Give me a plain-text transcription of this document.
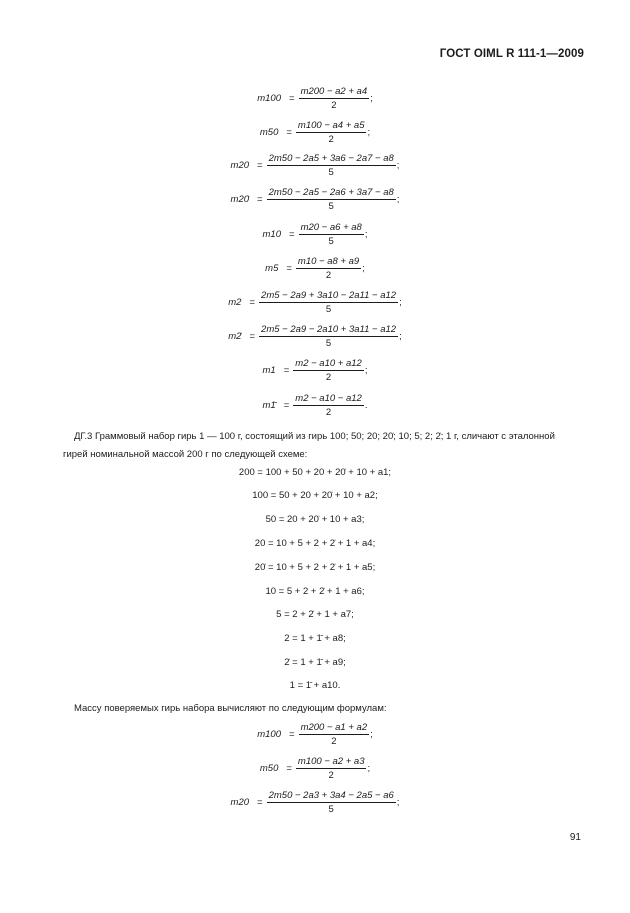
ГОСТ OIML R 111-1—2009
$m100 = \frac{m200 - a2 + a4}{2}$ ;
$m50 = \frac{m100 - a4 + a5}{2}$ ;
$m20 = \frac{2m50 - 2a5 + 3a6 - 2a7 - a8}{5}$ ;
m20̇ = $\frac{2m50 - 2a5 - 2a6 + 3a7 - a8}{5}$ ;
$m10 = \frac{m20 - a6 + a8}{5}$ ;
$m5 = \frac{m10 - a8 + a9}{2}$ ;
$m2 = \frac{2m5 - 2a9 + 3a10 - 2a11 - a12}{5}$ ;
m2̇ = $\frac{2m5 - 2a9 - 2a10 + 3a11 - a12}{5}$ ;
$m1 = \frac{m2 - a10 + a12}{2}$ ;
m1̄ = $\frac{m2 - a10 - a12}{2}$ .
ДГ.3 Граммовый набор гирь 1 — 100 г, состоящий из гирь 100; 50; 20; 20̇; 10; 5; 2; 2̇; 1 г, сличают с эталонной
гирей номинальной массой 200 г по следующей схеме:
200 = 100 + 50 + 20 + 20̇ + 10 + a1;
100 = 50 + 20 + 20̇ + 10 + a2;
50 = 20 + 20̇ + 10 + a3;
20 = 10 + 5 + 2 + 2̇ + 1 + a4;
20̇ = 10 + 5 + 2 + 2̇ + 1 + a5;
10 = 5 + 2 + 2̇ + 1 + a6;
5 = 2 + 2̇ + 1 + a7;
2 = 1 + 1̄ + a8;
2̇ = 1 + 1̄ + a9;
1 = 1̄ + a10.
Массу поверяемых гирь набора вычисляют по следующим формулам:
$m100 = \frac{m200 - a1 + a2}{2}$ ;
$m50 = \frac{m100 - a2 + a3}{2}$ ;
$m20 = \frac{2m50 - 2a3 + 3a4 - 2a5 - a6}{5}$ ;
91
